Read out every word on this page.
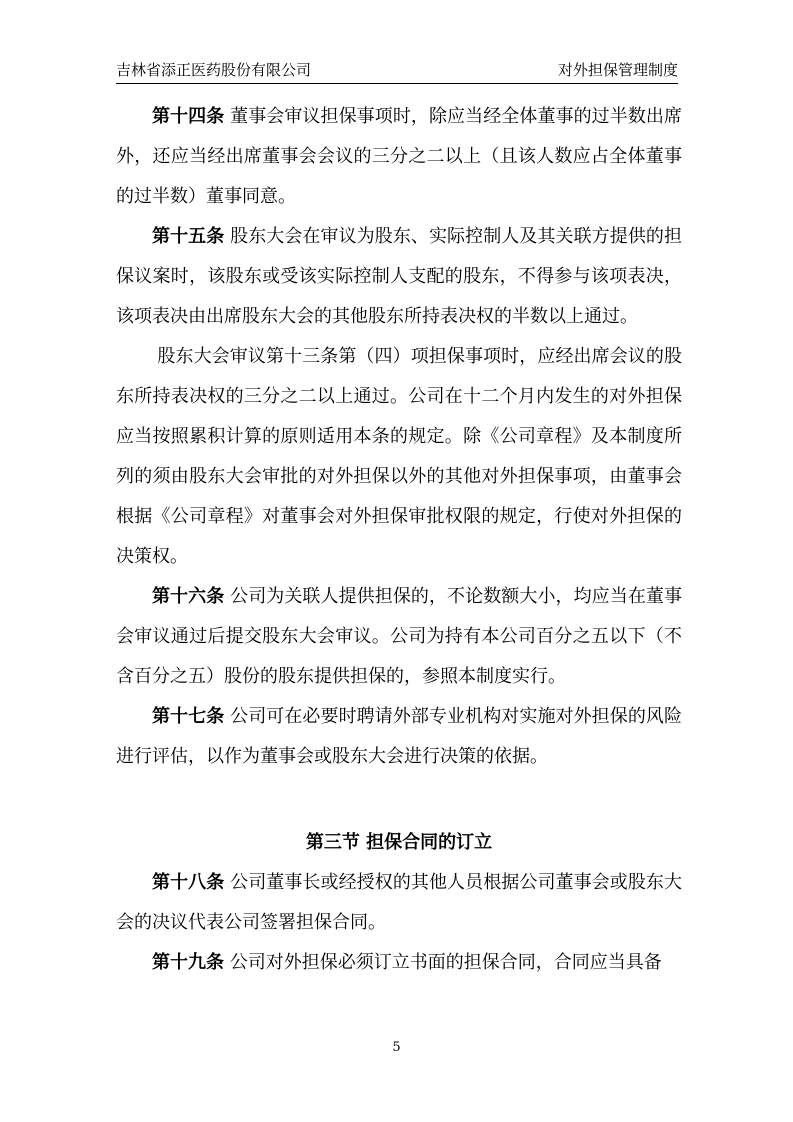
吉林省添正医药股份有限公司	对外担保管理制度

第十四条 董事会审议担保事项时，除应当经全体董事的过半数出席外，还应当经出席董事会会议的三分之二以上（且该人数应占全体董事的过半数）董事同意。

第十五条 股东大会在审议为股东、实际控制人及其关联方提供的担保议案时，该股东或受该实际控制人支配的股东，不得参与该项表决，该项表决由出席股东大会的其他股东所持表决权的半数以上通过。

股东大会审议第十三条第（四）项担保事项时，应经出席会议的股东所持表决权的三分之二以上通过。公司在十二个月内发生的对外担保应当按照累积计算的原则适用本条的规定。除《公司章程》及本制度所列的须由股东大会审批的对外担保以外的其他对外担保事项，由董事会根据《公司章程》对董事会对外担保审批权限的规定，行使对外担保的决策权。

第十六条 公司为关联人提供担保的，不论数额大小，均应当在董事会审议通过后提交股东大会审议。公司为持有本公司百分之五以下（不含百分之五）股份的股东提供担保的，参照本制度实行。

第十七条 公司可在必要时聘请外部专业机构对实施对外担保的风险进行评估，以作为董事会或股东大会进行决策的依据。

第三节 担保合同的订立

第十八条 公司董事长或经授权的其他人员根据公司董事会或股东大会的决议代表公司签署担保合同。

第十九条 公司对外担保必须订立书面的担保合同，合同应当具备

5
